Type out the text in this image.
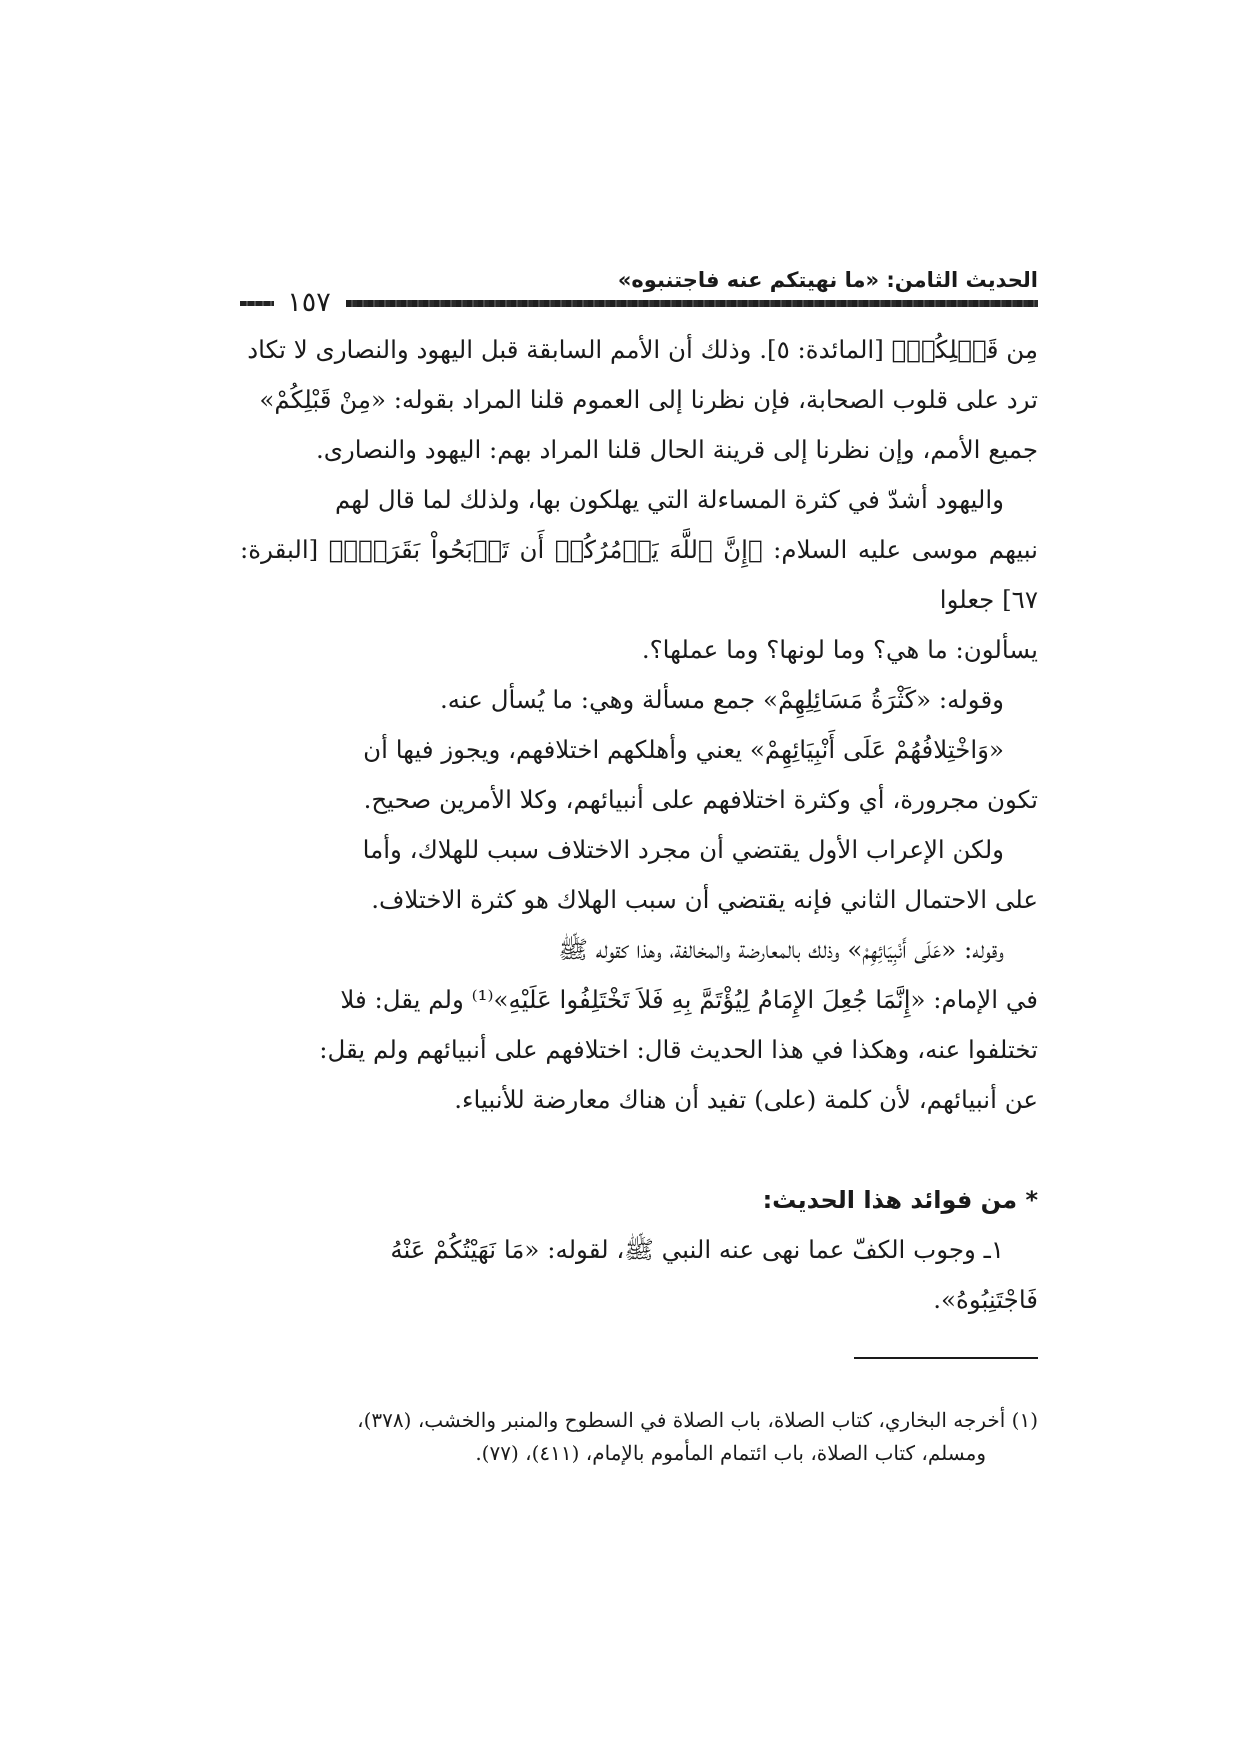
الحديث الثامن: «ما نهيتكم عنه فاجتنبوه»
١٥٧

مِن قَبۡلِكُمۡ﴾ [المائدة: ٥]. وذلك أن الأمم السابقة قبل اليهود والنصارى لا تكاد

ترد على قلوب الصحابة، فإن نظرنا إلى العموم قلنا المراد بقوله: «مِنْ قَبْلِكُمْ»

جميع الأمم، وإن نظرنا إلى قرينة الحال قلنا المراد بهم: اليهود والنصارى.

واليهود أشدّ في كثرة المساءلة التي يهلكون بها، ولذلك لما قال لهم

نبيهم موسى عليه السلام: ﴿إِنَّ ٱللَّهَ يَأۡمُرُكُمۡ أَن تَذۡبَحُواْ بَقَرَةٗۖ﴾ [البقرة: ٦٧] جعلوا

يسألون: ما هي؟ وما لونها؟ وما عملها؟.

وقوله: «كَثْرَةُ مَسَائِلِهِمْ» جمع مسألة وهي: ما يُسأل عنه.

«وَاخْتِلافُهُمْ عَلَى أَنْبِيَائِهِمْ» يعني وأهلكهم اختلافهم، ويجوز فيها أن

تكون مجرورة، أي وكثرة اختلافهم على أنبيائهم، وكلا الأمرين صحيح.

ولكن الإعراب الأول يقتضي أن مجرد الاختلاف سبب للهلاك، وأما

على الاحتمال الثاني فإنه يقتضي أن سبب الهلاك هو كثرة الاختلاف.

وقوله: «عَلَى أَنْبِيَائِهِمْ» وذلك بالمعارضة والمخالفة، وهذا كقوله ﷺ

في الإمام: «إِنَّمَا جُعِلَ الإِمَامُ لِيُؤْتَمَّ بِهِ فَلاَ تَخْتَلِفُوا عَلَيْهِ»⁽¹⁾ ولم يقل: فلا

تختلفوا عنه، وهكذا في هذا الحديث قال: اختلافهم على أنبيائهم ولم يقل:

عن أنبيائهم، لأن كلمة (على) تفيد أن هناك معارضة للأنبياء.

* من فوائد هذا الحديث:

١ـ وجوب الكفّ عما نهى عنه النبي ﷺ، لقوله: «مَا نَهَيْتُكُمْ عَنْهُ

فَاجْتَنِبُوهُ».

(١) أخرجه البخاري، كتاب الصلاة، باب الصلاة في السطوح والمنبر والخشب، (٣٧٨)،

ومسلم، كتاب الصلاة، باب ائتمام المأموم بالإمام، (٤١١)، (٧٧).
